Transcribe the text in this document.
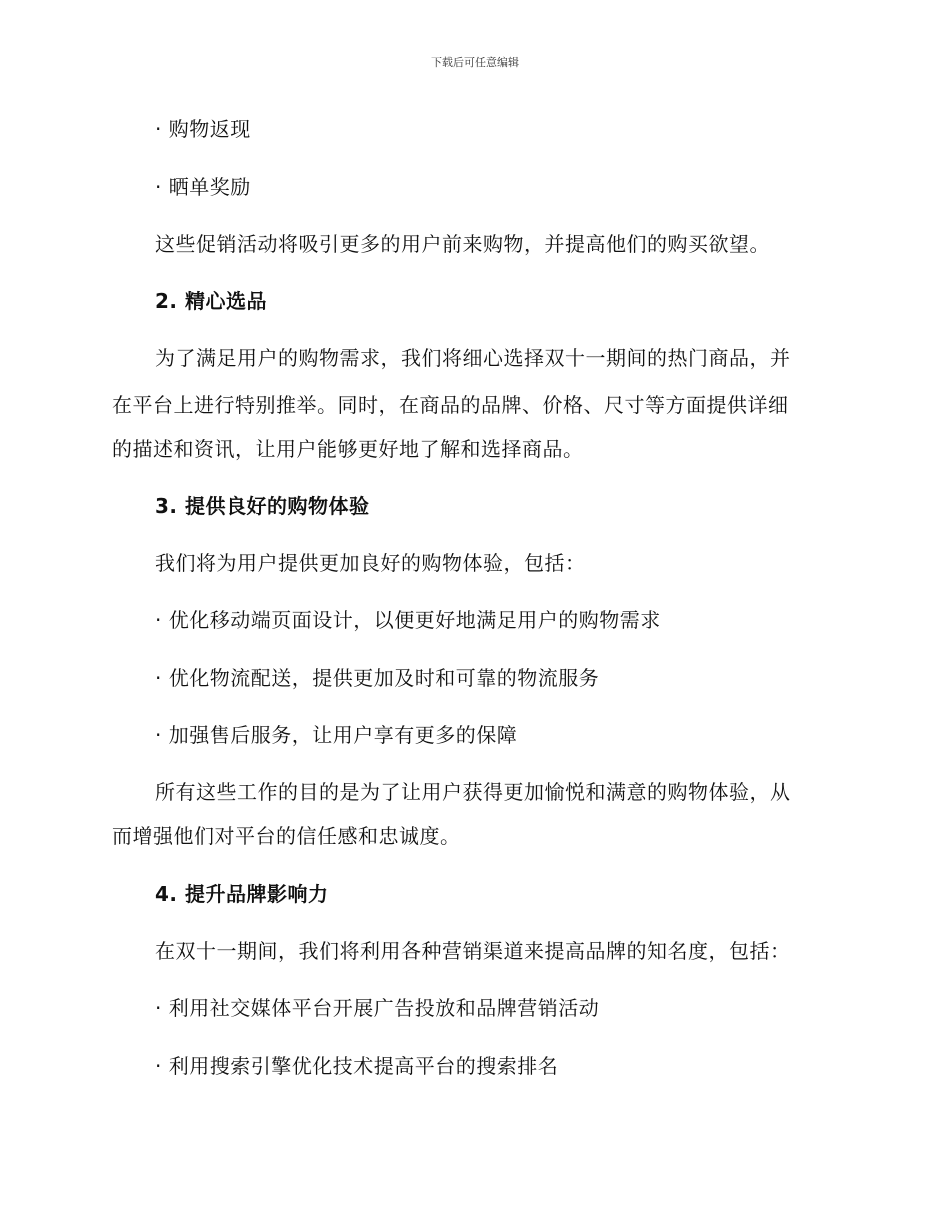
下载后可任意编辑
· 购物返现
· 晒单奖励
这些促销活动将吸引更多的用户前来购物，并提高他们的购买欲望。
2. 精心选品
为了满足用户的购物需求，我们将细心选择双十一期间的热门商品，并
在平台上进行特别推举。同时，在商品的品牌、价格、尺寸等方面提供详细
的描述和资讯，让用户能够更好地了解和选择商品。
3. 提供良好的购物体验
我们将为用户提供更加良好的购物体验，包括：
· 优化移动端页面设计，以便更好地满足用户的购物需求
· 优化物流配送，提供更加及时和可靠的物流服务
· 加强售后服务，让用户享有更多的保障
所有这些工作的目的是为了让用户获得更加愉悦和满意的购物体验，从
而增强他们对平台的信任感和忠诚度。
4. 提升品牌影响力
在双十一期间，我们将利用各种营销渠道来提高品牌的知名度，包括：
· 利用社交媒体平台开展广告投放和品牌营销活动
· 利用搜索引擎优化技术提高平台的搜索排名
